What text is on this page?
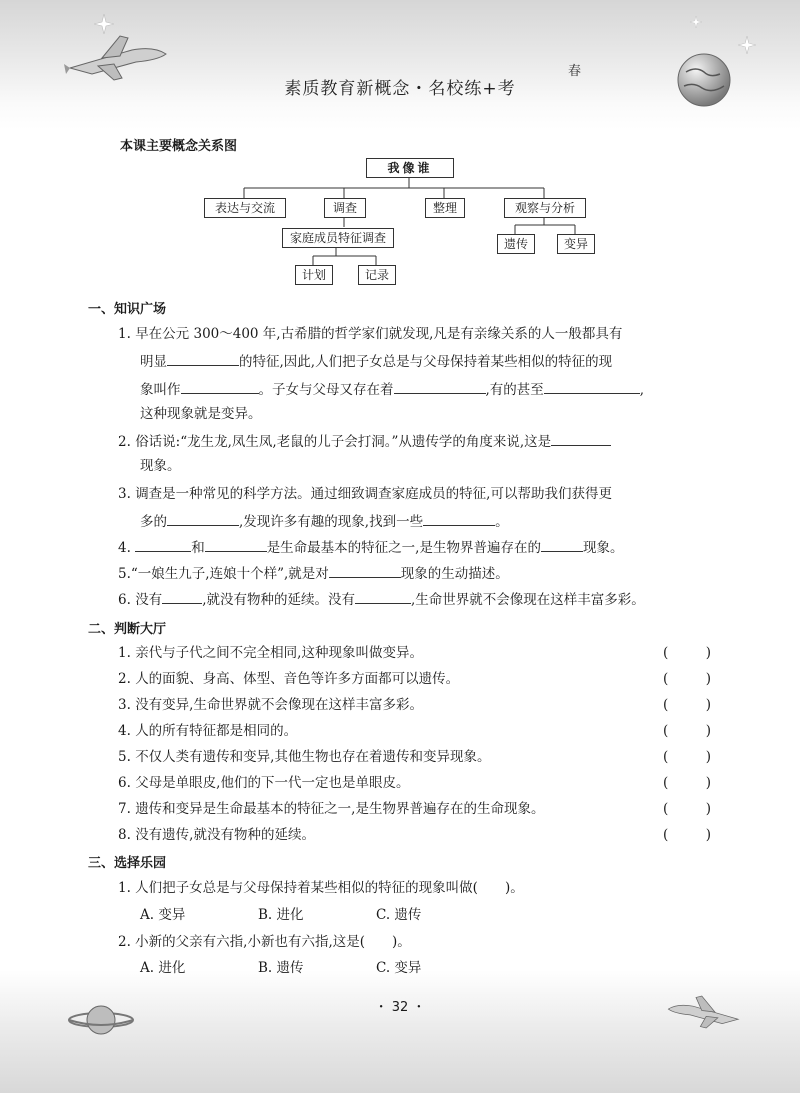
素质教育新概念・名校练+考
春
本课主要概念关系图
我像谁
表达与交流	调查	整理	观察与分析
家庭成员特征调查
计划	记录
遗传	变异
一、知识广场
1. 早在公元 300～400 年,古希腊的哲学家们就发现,凡是有亲缘关系的人一般都具有
明显	的特征,因此,人们把子女总是与父母保持着某些相似的特征的现
象叫作	。子女与父母又存在着	,有的甚至	,
这种现象就是变异。
2. 俗话说:“龙生龙,凤生凤,老鼠的儿子会打洞。”从遗传学的角度来说,这是
现象。
3. 调查是一种常见的科学方法。通过细致调查家庭成员的特征,可以帮助我们获得更
多的	,发现许多有趣的现象,找到一些	。
4.	和	是生命最基本的特征之一,是生物界普遍存在的	现象。
5.“一娘生九子,连娘十个样”,就是对	现象的生动描述。
6. 没有	,就没有物种的延续。没有	,生命世界就不会像现在这样丰富多彩。
二、判断大厅
1. 亲代与子代之间不完全相同,这种现象叫做变异。	(	)
2. 人的面貌、身高、体型、音色等许多方面都可以遗传。	(	)
3. 没有变异,生命世界就不会像现在这样丰富多彩。	(	)
4. 人的所有特征都是相同的。	(	)
5. 不仅人类有遗传和变异,其他生物也存在着遗传和变异现象。	(	)
6. 父母是单眼皮,他们的下一代一定也是单眼皮。	(	)
7. 遗传和变异是生命最基本的特征之一,是生物界普遍存在的生命现象。	(	)
8. 没有遗传,就没有物种的延续。	(	)
三、选择乐园
1. 人们把子女总是与父母保持着某些相似的特征的现象叫做(　　)。
A. 变异	B. 进化	C. 遗传
2. 小新的父亲有六指,小新也有六指,这是(　　)。
A. 进化	B. 遗传	C. 变异
・ 32 ・
